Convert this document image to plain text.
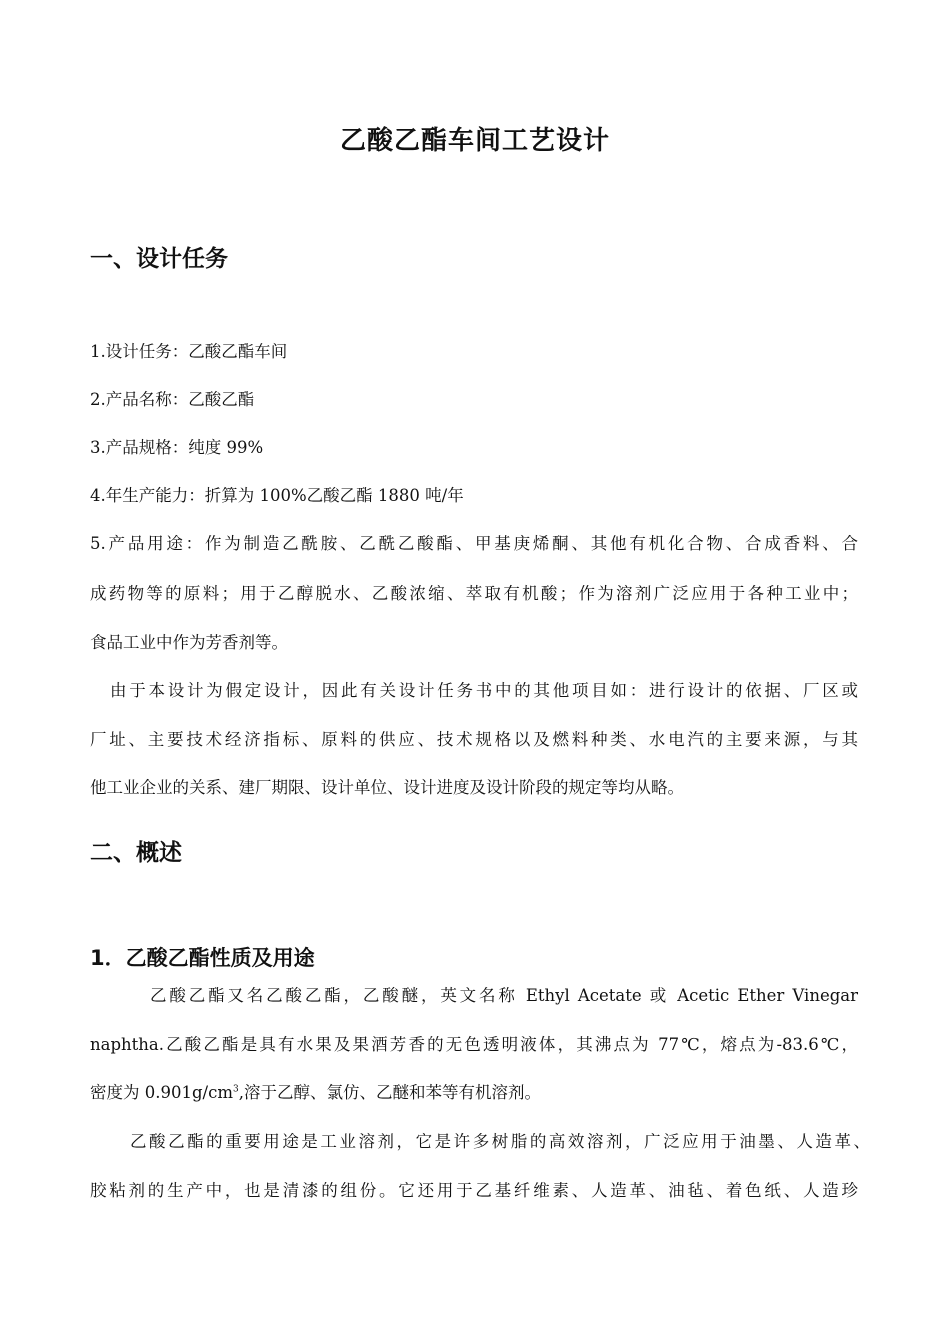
乙酸乙酯车间工艺设计
一、设计任务
1.设计任务：乙酸乙酯车间
2.产品名称：乙酸乙酯
3.产品规格：纯度 99%
4.年生产能力：折算为 100%乙酸乙酯 1880 吨/年
5.产品用途：作为制造乙酰胺、乙酰乙酸酯、甲基庚烯酮、其他有机化合物、合成香料、合
成药物等的原料；用于乙醇脱水、乙酸浓缩、萃取有机酸；作为溶剂广泛应用于各种工业中；
食品工业中作为芳香剂等。
由于本设计为假定设计，因此有关设计任务书中的其他项目如：进行设计的依据、厂区或
厂址、主要技术经济指标、原料的供应、技术规格以及燃料种类、水电汽的主要来源，与其
他工业企业的关系、建厂期限、设计单位、设计进度及设计阶段的规定等均从略。
二、概述
1．乙酸乙酯性质及用途
乙酸乙酯又名乙酸乙酯，乙酸醚，英文名称 Ethyl Acetate 或 Acetic Ether Vinegar
naphtha.乙酸乙酯是具有水果及果酒芳香的无色透明液体，其沸点为 77℃，熔点为-83.6℃，
密度为 $0.901g/cm^3$,溶于乙醇、氯仿、乙醚和苯等有机溶剂。
乙酸乙酯的重要用途是工业溶剂，它是许多树脂的高效溶剂，广泛应用于油墨、人造革、
胶粘剂的生产中，也是清漆的组份。它还用于乙基纤维素、人造革、油毡、着色纸、人造珍
